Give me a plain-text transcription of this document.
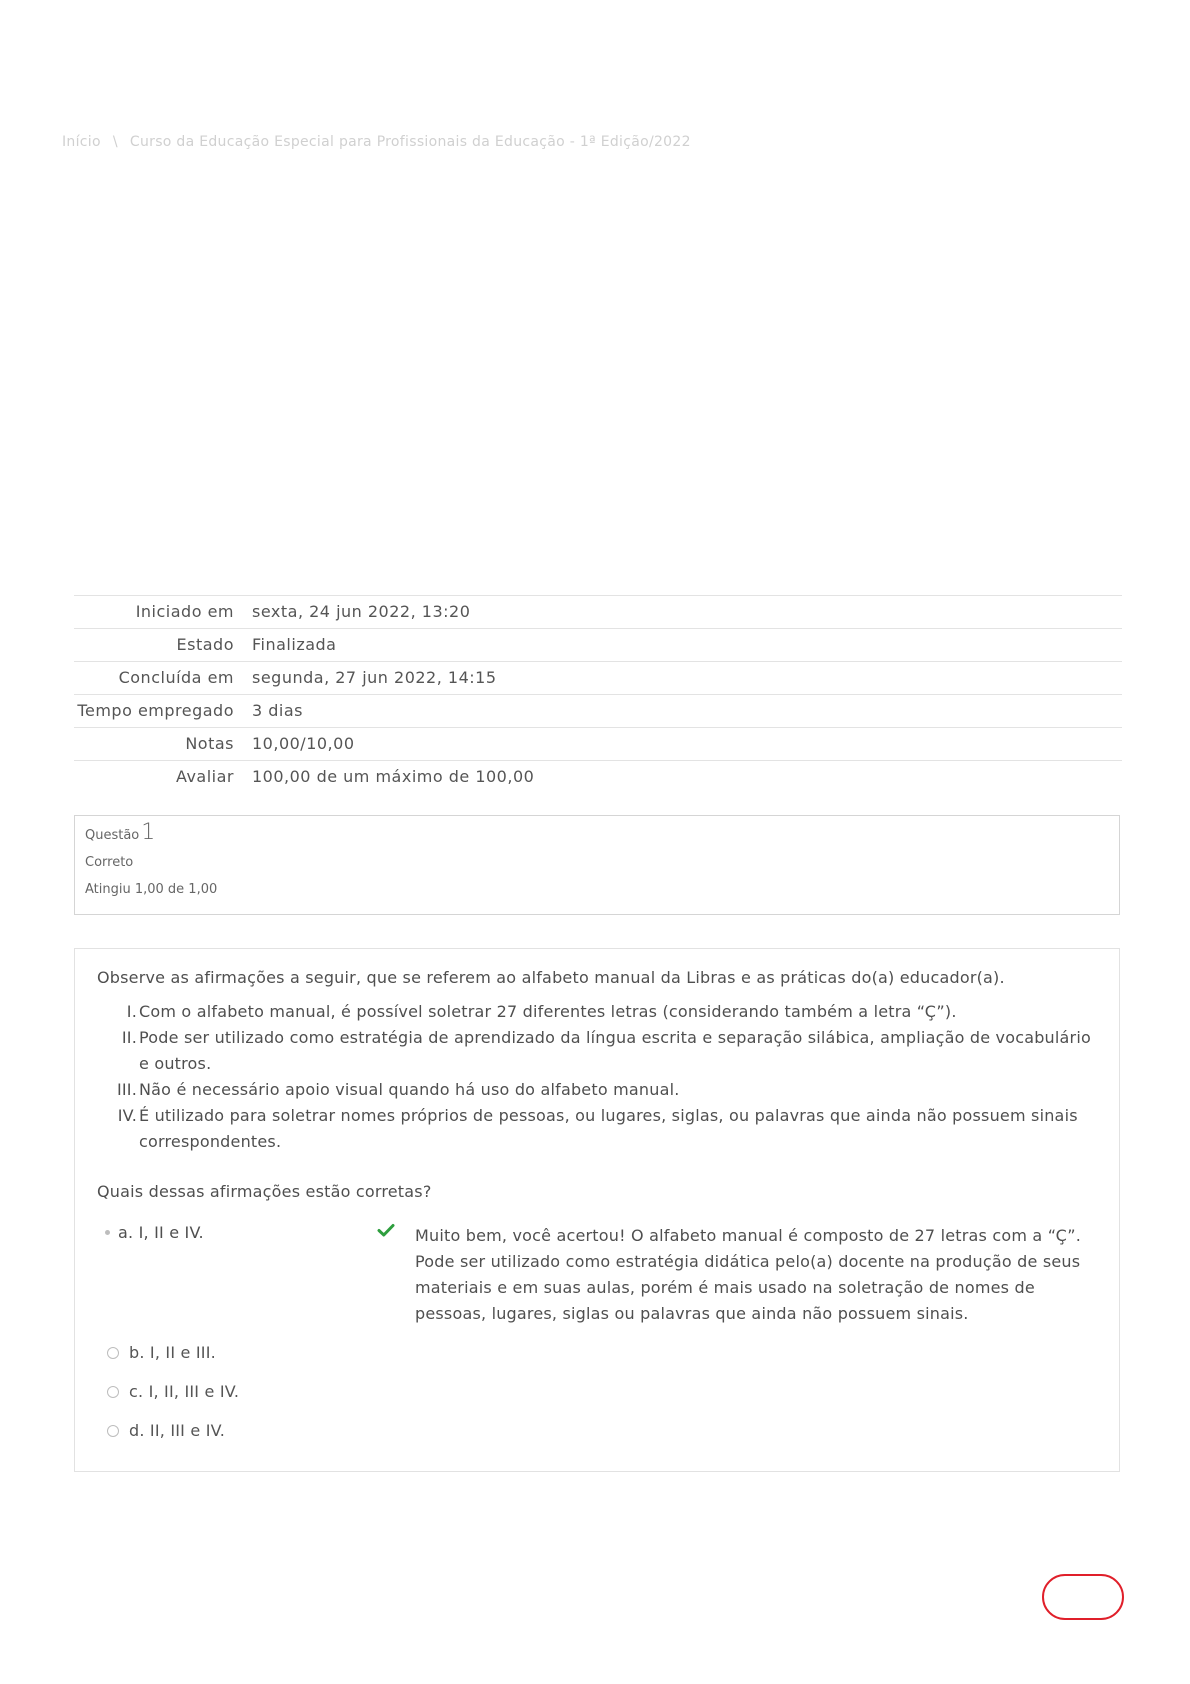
Início \ Curso da Educação Especial para Profissionais da Educação - 1ª Edição/2022
Iniciado em	sexta, 24 jun 2022, 13:20
Estado	Finalizada
Concluída em	segunda, 27 jun 2022, 14:15
Tempo empregado	3 dias
Notas	10,00/10,00
Avaliar	100,00 de um máximo de 100,00
Questão 1
Correto
Atingiu 1,00 de 1,00
Observe as afirmações a seguir, que se referem ao alfabeto manual da Libras e as práticas do(a) educador(a).
I. Com o alfabeto manual, é possível soletrar 27 diferentes letras (considerando também a letra “Ç”).
II. Pode ser utilizado como estratégia de aprendizado da língua escrita e separação silábica, ampliação de vocabulário e outros.
III. Não é necessário apoio visual quando há uso do alfabeto manual.
IV. É utilizado para soletrar nomes próprios de pessoas, ou lugares, siglas, ou palavras que ainda não possuem sinais correspondentes.
Quais dessas afirmações estão corretas?
a. I, II e IV.	Muito bem, você acertou! O alfabeto manual é composto de 27 letras com a “Ç”. Pode ser utilizado como estratégia didática pelo(a) docente na produção de seus materiais e em suas aulas, porém é mais usado na soletração de nomes de pessoas, lugares, siglas ou palavras que ainda não possuem sinais.
b. I, II e III.
c. I, II, III e IV.
d. II, III e IV.
